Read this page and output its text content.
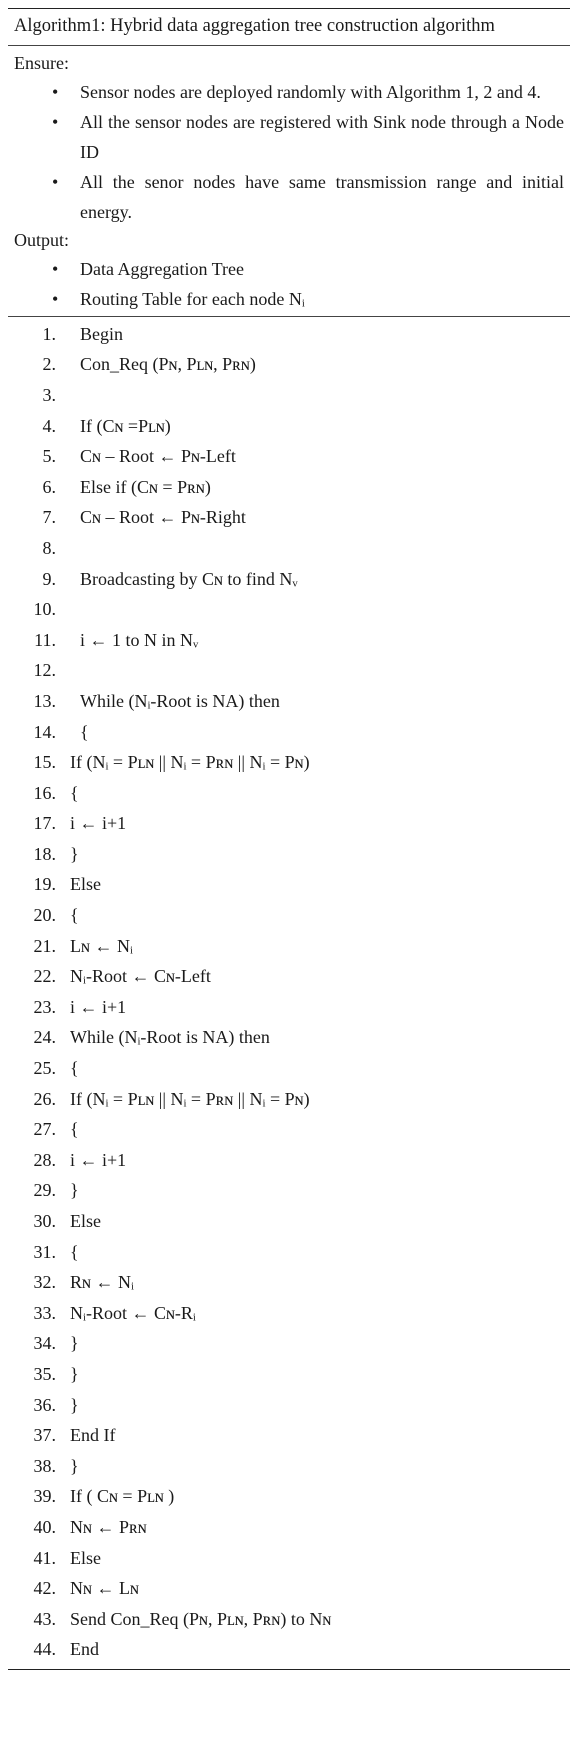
Algorithm1: Hybrid data aggregation tree construction algorithm
Ensure:
• Sensor nodes are deployed randomly with Algorithm 1, 2 and 4.
• All the sensor nodes are registered with Sink node through a Node ID
• All the senor nodes have same transmission range and initial energy.
Output:
• Data Aggregation Tree
• Routing Table for each node Nᵢ
1.	Begin
2.	Con_Req (Pɴ, Pʟɴ, Pʀɴ)
3.
4.	If (Cɴ =Pʟɴ)
5.	Cɴ – Root ← Pɴ-Left
6.	Else if (Cɴ = Pʀɴ)
7.	Cɴ – Root ← Pɴ-Right
8.
9.	Broadcasting by Cɴ to find Nᵥ
10.
11.	i ← 1 to N in Nᵥ
12.
13.	While (Nᵢ-Root is NA) then
14.	{
15. If (Nᵢ = Pʟɴ || Nᵢ = Pʀɴ || Nᵢ = Pɴ)
16. {
17. i ← i+1
18. }
19. Else
20. {
21. Lɴ ← Nᵢ
22. Nᵢ-Root ← Cɴ-Left
23. i ← i+1
24. While (Nᵢ-Root is NA) then
25. {
26. If (Nᵢ = Pʟɴ || Nᵢ = Pʀɴ || Nᵢ = Pɴ)
27. {
28. i ← i+1
29. }
30. Else
31. {
32. Rɴ ← Nᵢ
33. Nᵢ-Root ← Cɴ-Rᵢ
34. }
35. }
36. }
37. End If
38. }
39. If ( Cɴ = Pʟɴ )
40. Nɴ ← Pʀɴ
41. Else
42. Nɴ ← Lɴ
43. Send Con_Req (Pɴ, Pʟɴ, Pʀɴ) to Nɴ
44. End
